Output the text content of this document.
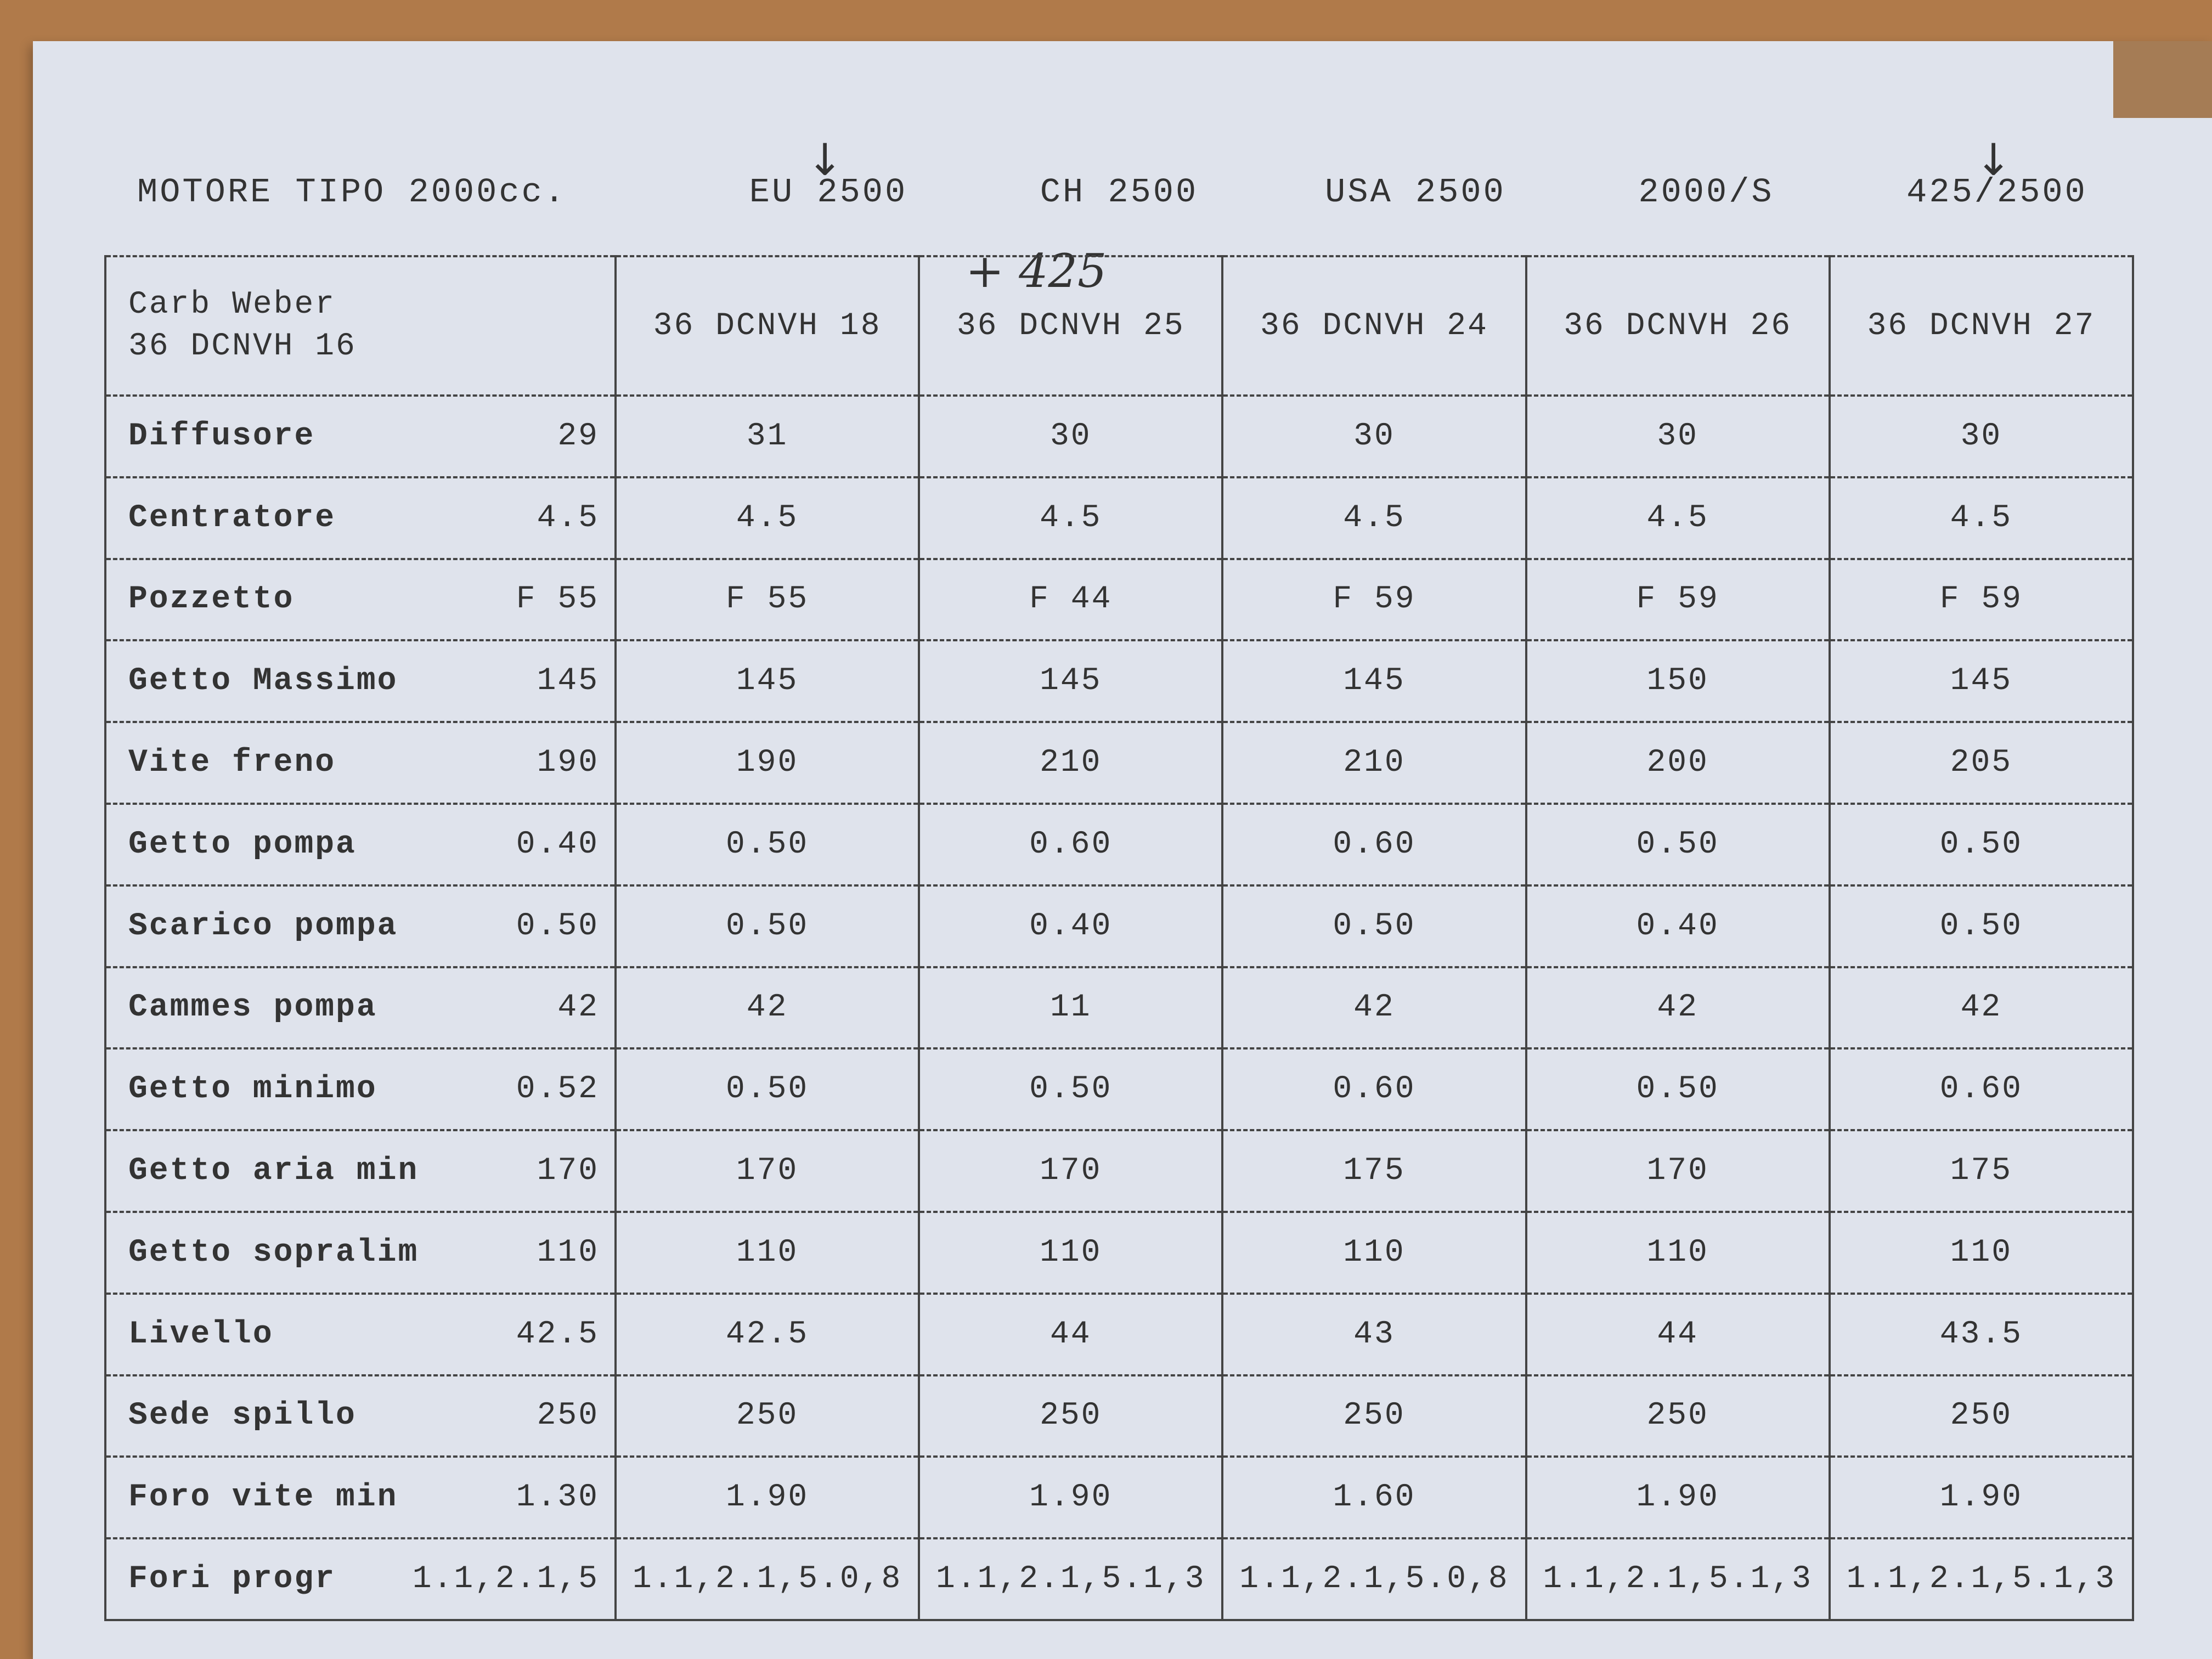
MOTORE TIPO 2000cc.	EU 2500	CH 2500	USA 2500	2000/S	425/2500
↓	↓
+ 425
Carb Weber
36 DCNVH 16	36 DCNVH 18	36 DCNVH 25	36 DCNVH 24	36 DCNVH 26	36 DCNVH 27

Diffusore 29	31	30	30	30	30

Centratore 4.5	4.5	4.5	4.5	4.5	4.5

Pozzetto F 55	F 55	F 44	F 59	F 59	F 59

Getto Massimo 145	145	145	145	150	145

Vite freno 190	190	210	210	200	205

Getto pompa 0.40	0.50	0.60	0.60	0.50	0.50

Scarico pompa 0.50	0.50	0.40	0.50	0.40	0.50

Cammes pompa 42	42	11	42	42	42

Getto minimo 0.52	0.50	0.50	0.60	0.50	0.60

Getto aria min 170	170	170	175	170	175

Getto sopralim 110	110	110	110	110	110

Livello 42.5	42.5	44	43	44	43.5

Sede spillo 250	250	250	250	250	250

Foro vite min 1.30	1.90	1.90	1.60	1.90	1.90

Fori progr 1.1,2.1,5	1.1,2.1,5.0,8	1.1,2.1,5.1,3	1.1,2.1,5.0,8	1.1,2.1,5.1,3	1.1,2.1,5.1,3
